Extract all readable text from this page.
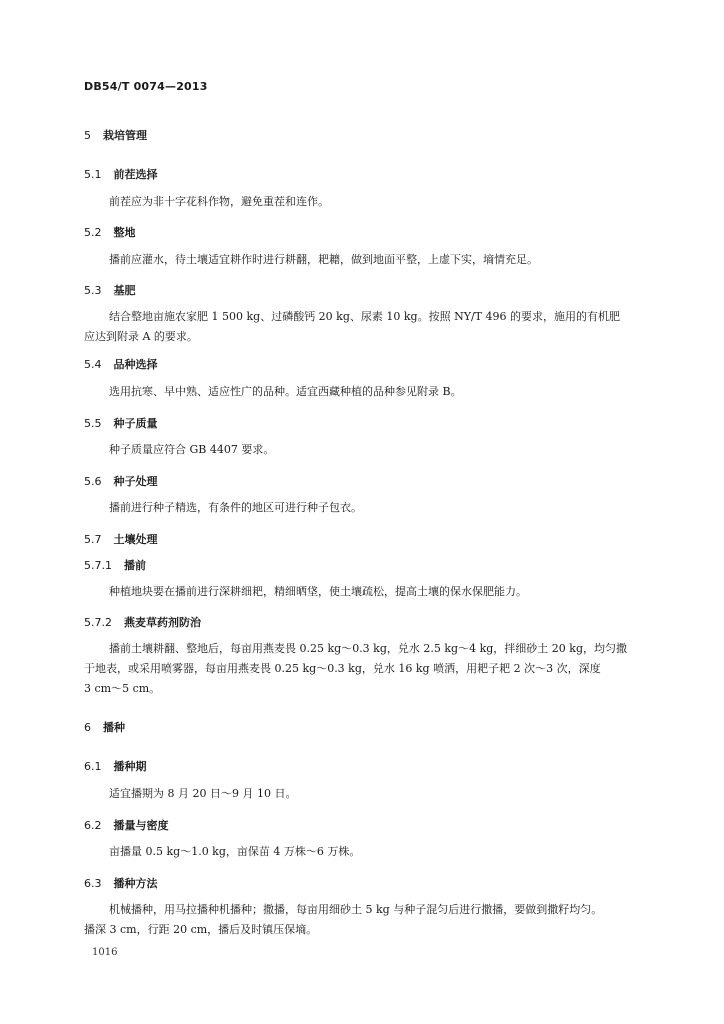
DB54/T 0074—2013
5 栽培管理
5.1 前茬选择
5.2 整地
5.3 基肥
5.4 品种选择
5.5 种子质量
5.6 种子处理
5.7 土壤处理
5.7.1 播前
5.7.2 燕麦草药剂防治
6 播种
6.1 播种期
6.2 播量与密度
6.3 播种方法
前茬应为非十字花科作物，避免重茬和连作。
播前应灌水，待土壤适宜耕作时进行耕翻，耙耱，做到地面平整，上虚下实，墒情充足。
结合整地亩施农家肥 1 500 kg、过磷酸钙 20 kg、尿素 10 kg。按照 NY/T 496 的要求，施用的有机肥
应达到附录 A 的要求。
选用抗寒、早中熟、适应性广的品种。适宜西藏种植的品种参见附录 B。
种子质量应符合 GB 4407 要求。
播前进行种子精选，有条件的地区可进行种子包衣。
种植地块要在播前进行深耕细耙，精细晒垡，使土壤疏松，提高土壤的保水保肥能力。
播前土壤耕翻、整地后，每亩用燕麦畏 0.25 kg～0.3 kg，兑水 2.5 kg～4 kg，拌细砂土 20 kg，均匀撒
于地表，或采用喷雾器，每亩用燕麦畏 0.25 kg～0.3 kg，兑水 16 kg 喷洒，用耙子耙 2 次～3 次，深度
3 cm～5 cm。
适宜播期为 8 月 20 日～9 月 10 日。
亩播量 0.5 kg～1.0 kg，亩保苗 4 万株～6 万株。
机械播种，用马拉播种机播种；撒播，每亩用细砂土 5 kg 与种子混匀后进行撒播，要做到撒籽均匀。
播深 3 cm，行距 20 cm，播后及时镇压保墒。
1016
